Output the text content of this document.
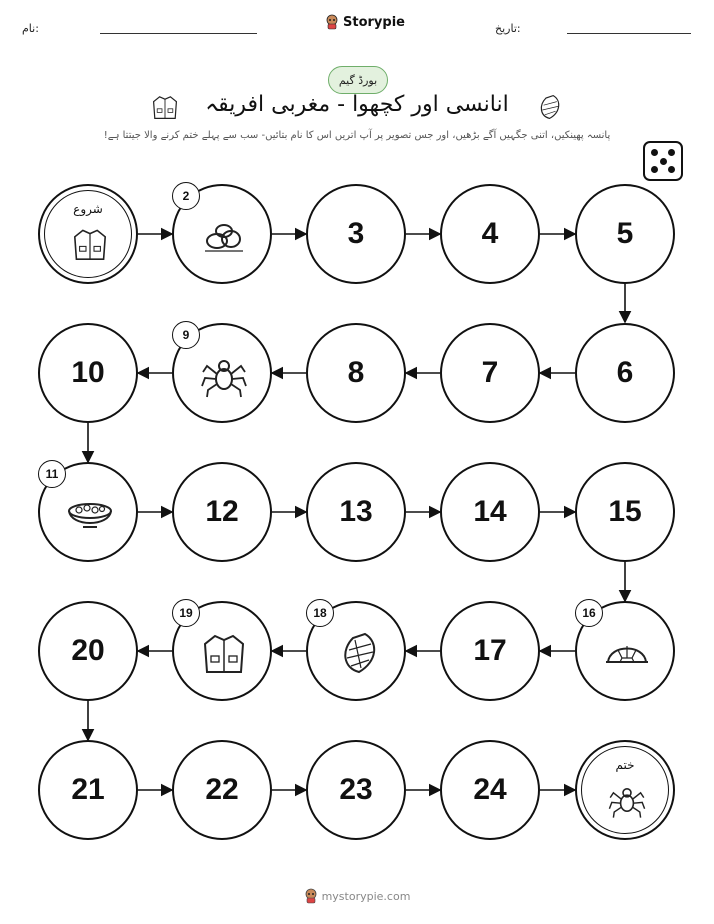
نام:	Storypie	تاریخ:
بورڈ گیم
انانسی اور کچھوا - مغربی افریقہ
پانسہ پھینکیں، اتنی جگہیں آگے بڑھیں، اور جس تصویر پر آپ اتریں اس کا نام بتائیں- سب سے پہلے ختم کرنے والا جیتتا ہے!
شروع
2
3	4	5
10
9
8	7	6
11
12	13	14	15
20
19	18
17
16
21	22	23	24
ختم
mystorypie.com
